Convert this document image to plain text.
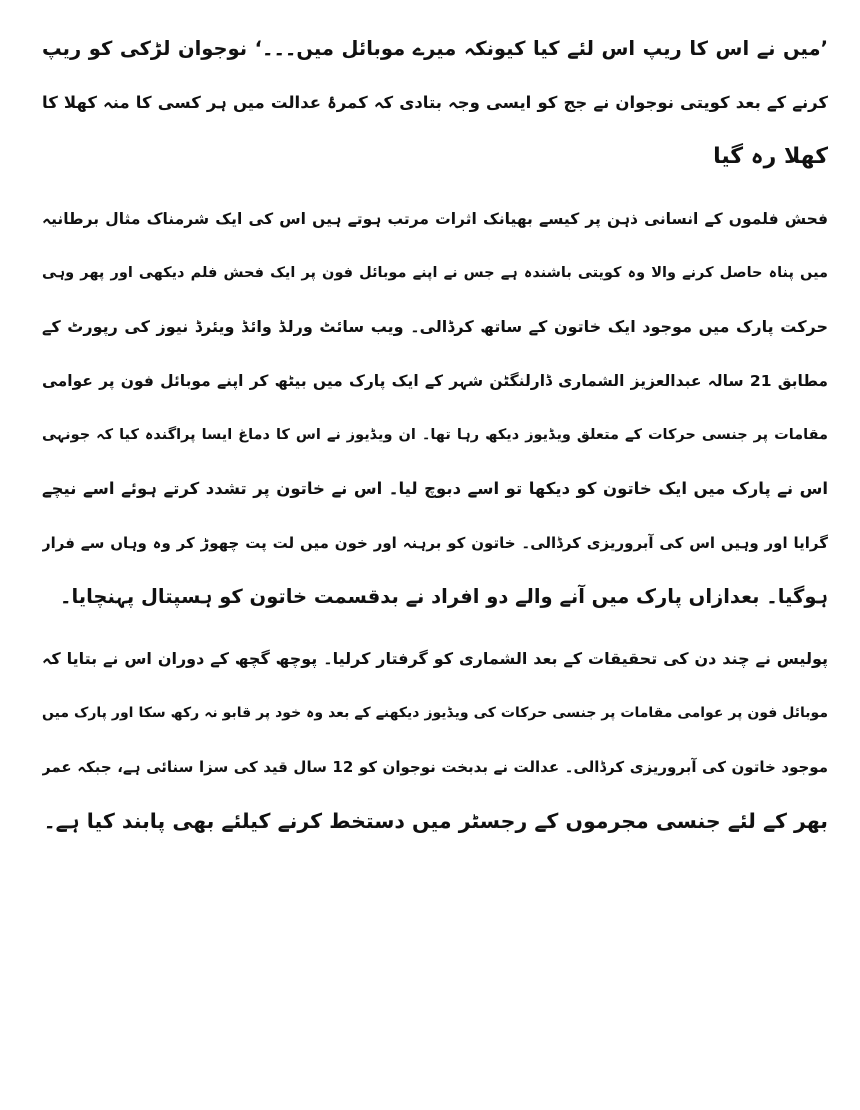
’میں نے اس کا ریپ اس لئے کیا کیونکہ میرے موبائل میں۔۔۔‘ نوجوان لڑکی کو ریپ
کرنے کے بعد کویتی نوجوان نے جج کو ایسی وجہ بتادی کہ کمرۂ عدالت میں ہر کسی کا منہ کھلا کا
کھلا رہ گیا

فحش فلموں کے انسانی ذہن پر کیسے بھیانک اثرات مرتب ہوتے ہیں اس کی ایک شرمناک مثال برطانیہ
میں پناہ حاصل کرنے والا وہ کویتی باشندہ ہے جس نے اپنے موبائل فون پر ایک فحش فلم دیکھی اور پھر وہی
حرکت پارک میں موجود ایک خاتون کے ساتھ کرڈالی۔ ویب سائٹ ورلڈ وائڈ ویئرڈ نیوز کی رپورٹ کے
مطابق 21 سالہ عبدالعزیز الشماری ڈارلنگٹن شہر کے ایک پارک میں بیٹھ کر اپنے موبائل فون پر عوامی
مقامات پر جنسی حرکات کے متعلق ویڈیوز دیکھ رہا تھا۔ ان ویڈیوز نے اس کا دماغ ایسا پراگندہ کیا کہ جونہی
اس نے پارک میں ایک خاتون کو دیکھا تو اسے دبوچ لیا۔ اس نے خاتون پر تشدد کرتے ہوئے اسے نیچے
گرایا اور وہیں اس کی آبروریزی کرڈالی۔ خاتون کو برہنہ اور خون میں لت پت چھوڑ کر وہ وہاں سے فرار
ہوگیا۔ بعدازاں پارک میں آنے والے دو افراد نے بدقسمت خاتون کو ہسپتال پہنچایا۔

پولیس نے چند دن کی تحقیقات کے بعد الشماری کو گرفتار کرلیا۔ پوچھ گچھ کے دوران اس نے بتایا کہ
موبائل فون پر عوامی مقامات پر جنسی حرکات کی ویڈیوز دیکھنے کے بعد وہ خود پر قابو نہ رکھ سکا اور پارک میں
موجود خاتون کی آبروریزی کرڈالی۔ عدالت نے بدبخت نوجوان کو 12 سال قید کی سزا سنائی ہے، جبکہ عمر
بھر کے لئے جنسی مجرموں کے رجسٹر میں دستخط کرنے کیلئے بھی پابند کیا ہے۔
